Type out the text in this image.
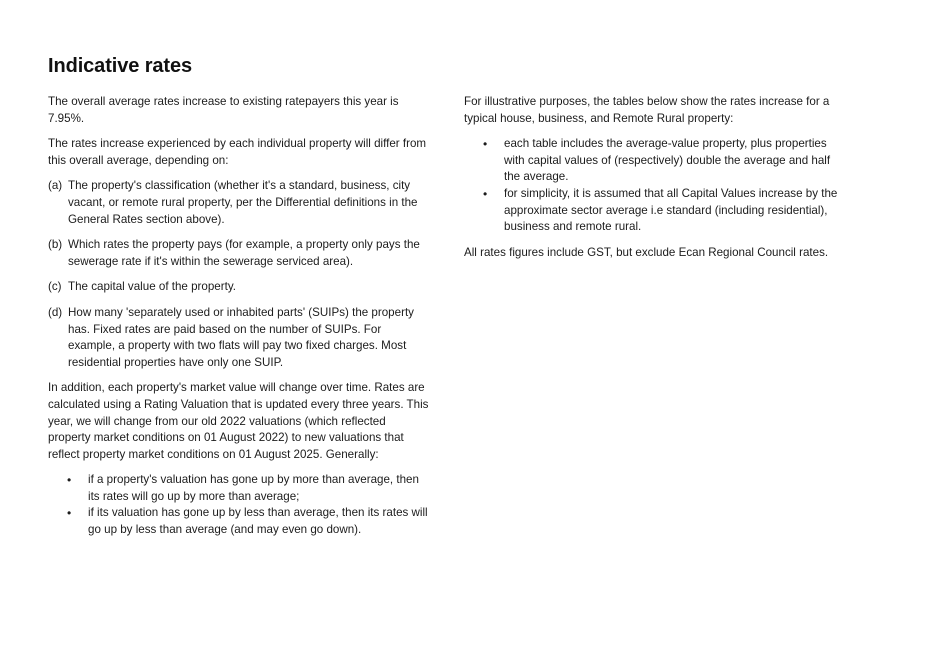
Indicative rates

The overall average rates increase to existing ratepayers this year is 7.95%.

The rates increase experienced by each individual property will differ from this overall average, depending on:

(a) The property's classification (whether it's a standard, business, city vacant, or remote rural property, per the Differential definitions in the General Rates section above).
(b) Which rates the property pays (for example, a property only pays the sewerage rate if it's within the sewerage serviced area).
(c) The capital value of the property.
(d) How many 'separately used or inhabited parts' (SUIPs) the property has. Fixed rates are paid based on the number of SUIPs. For example, a property with two flats will pay two fixed charges. Most residential properties have only one SUIP.

In addition, each property's market value will change over time. Rates are calculated using a Rating Valuation that is updated every three years. This year, we will change from our old 2022 valuations (which reflected property market conditions on 01 August 2022) to new valuations that reflect property market conditions on 01 August 2025. Generally:

• if a property's valuation has gone up by more than average, then its rates will go up by more than average;
• if its valuation has gone up by less than average, then its rates will go up by less than average (and may even go down).

For illustrative purposes, the tables below show the rates increase for a typical house, business, and Remote Rural property:

• each table includes the average-value property, plus properties with capital values of (respectively) double the average and half the average.
• for simplicity, it is assumed that all Capital Values increase by the approximate sector average i.e standard (including residential), business and remote rural.

All rates figures include GST, but exclude Ecan Regional Council rates.
